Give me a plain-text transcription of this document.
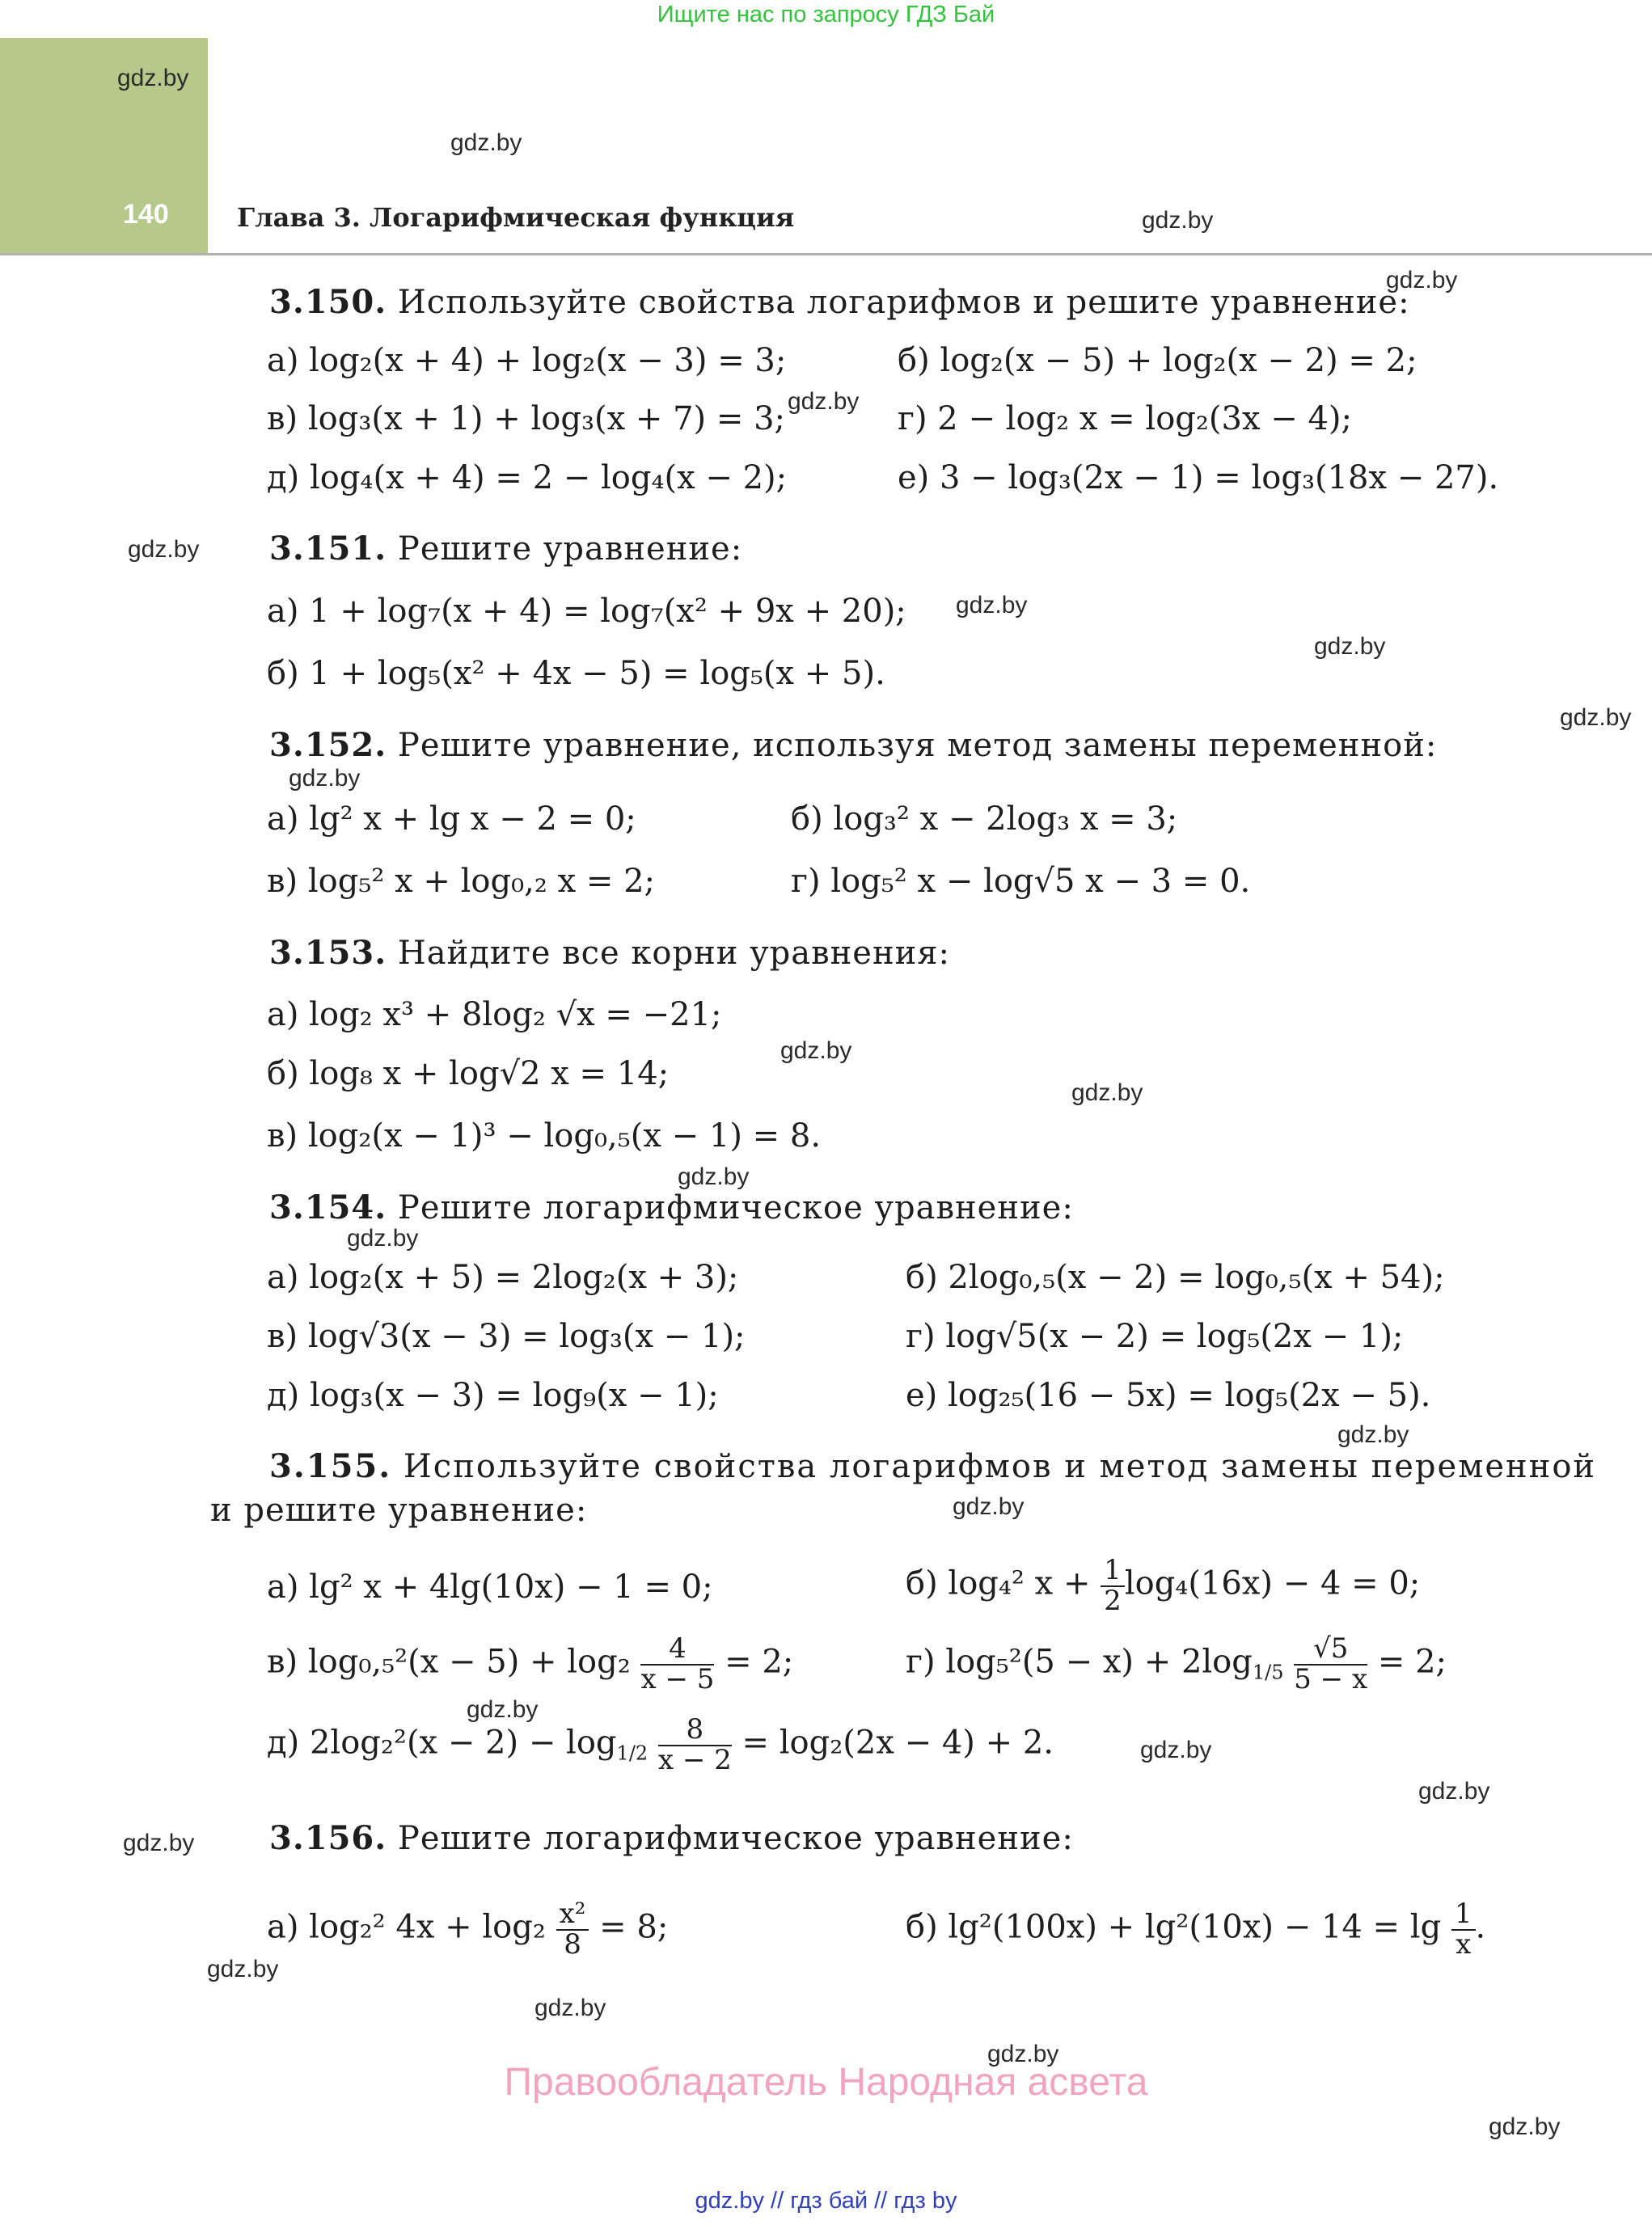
Ищите нас по запросу ГДЗ Бай
140	Глава 3. Логарифмическая функция
gdz.by
gdz.by
gdz.by
gdz.by
gdz.by
gdz.by
gdz.by
gdz.by
gdz.by
gdz.by
gdz.by
gdz.by
gdz.by
gdz.by
gdz.by
gdz.by
gdz.by
gdz.by
gdz.by
gdz.by
gdz.by
gdz.by
gdz.by
gdz.by
3.150. Используйте свойства логарифмов и решите уравнение:
а) log₂(x + 4) + log₂(x − 3) = 3;	б) log₂(x − 5) + log₂(x − 2) = 2;
в) log₃(x + 1) + log₃(x + 7) = 3;	г) 2 − log₂ x = log₂(3x − 4);
д) log₄(x + 4) = 2 − log₄(x − 2);	е) 3 − log₃(2x − 1) = log₃(18x − 27).
3.151. Решите уравнение:
а) 1 + log₇(x + 4) = log₇(x² + 9x + 20);
б) 1 + log₅(x² + 4x − 5) = log₅(x + 5).
3.152. Решите уравнение, используя метод замены переменной:
а) lg² x + lg x − 2 = 0;	б) log₃² x − 2log₃ x = 3;
в) log₅² x + log₀,₂ x = 2;	г) log₅² x − log√5 x − 3 = 0.
3.153. Найдите все корни уравнения:
а) log₂ x³ + 8log₂ √x = −21;
б) log₈ x + log√2 x = 14;
в) log₂(x − 1)³ − log₀,₅(x − 1) = 8.
3.154. Решите логарифмическое уравнение:
а) log₂(x + 5) = 2log₂(x + 3);	б) 2log₀,₅(x − 2) = log₀,₅(x + 54);
в) log√3(x − 3) = log₃(x − 1);	г) log√5(x − 2) = log₅(2x − 1);
д) log₃(x − 3) = log₉(x − 1);	е) log₂₅(16 − 5x) = log₅(2x − 5).
3.155. Используйте свойства логарифмов и метод замены переменной
и решите уравнение:
а) lg² x + 4lg(10x) − 1 = 0;	б) log₄² $x + \frac{1}{2} \log_4(16x) - 4 = 0$;
в) $\log_0,_5^2(x - 5) + \log_2 \frac{4}{x - 5} = 2$;	г) $\log_5^2(5 - x) + 2\log_{1/5} \frac{√5}{5 - x} = 2$;
д) $2\log_2^2(x - 2) - \log_{1/2} \frac{8}{x - 2} = \log_2(2x - 4) + 2$.
3.156. Решите логарифмическое уравнение:
а) log₂² $4x + \log_2 \frac{\text{x²}}{8} = 8$;	б) $\lg^2(100x) + \lg^2(10x) - 14 = \lg \frac{1}{x}$ .
Правообладатель Народная асвета
gdz.by // гдз бай // гдз by
